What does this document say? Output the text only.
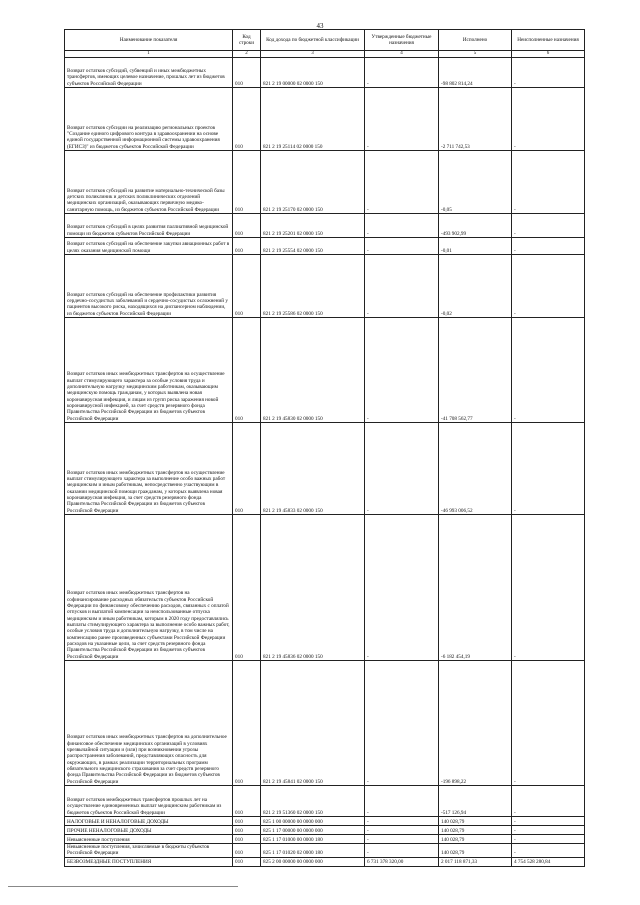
43
Наименование показателя	Код строки	Код дохода по бюджетной классификации	Утвержденные бюджетные назначения	Исполнено	Неисполненные назначения
1	2	3	4	5	6
Возврат остатков субсидий, субвенций и иных межбюджетных трансфертов, имеющих целевое назначение, прошлых лет из бюджетов субъектов Российской Федерации	010	821 2 19 00000 02 0000 150	-	-98 802 814,24	-
Возврат остатков субсидии на реализацию региональных проектов "Создание единого цифрового контура в здравоохранении на основе единой государственной информационной системы здравоохранения (ЕГИСЗ)" из бюджетов субъектов Российской Федерации	010	821 2 19 25114 02 0000 150	-	-2 711 742,53	-
Возврат остатков субсидий на развитие материально-технической базы детских поликлиник и детских поликлинических отделений медицинских организаций, оказывающих первичную медико-санитарную помощь, из бюджетов субъектов Российской Федерации	010	821 2 19 25170 02 0000 150	-	-0,05	-
Возврат остатков субсидий в целях развития паллиативной медицинской помощи из бюджетов субъектов Российской Федерации	010	821 2 19 25201 02 0000 150	-	-493 902,99	-
Возврат остатков субсидий на обеспечение закупки авиационных работ в целях оказания медицинской помощи	010	821 2 19 25554 02 0000 150	-	-0,01	-
Возврат остатков субсидий на обеспечение профилактики развития сердечно-сосудистых заболеваний и сердечно-сосудистых осложнений у пациентов высокого риска, находящихся на диспансерном наблюдении, из бюджетов субъектов Российской Федерации	010	821 2 19 25586 02 0000 150	-	-0,02	-
Возврат остатков иных межбюджетных трансфертов на осуществление выплат стимулирующего характера за особые условия труда и дополнительную нагрузку медицинским работникам, оказывающим медицинскую помощь гражданам, у которых выявлена новая коронавирусная инфекция, и лицам из групп риска заражения новой коронавирусной инфекцией, за счет средств резервного фонда Правительства Российской Федерации из бюджетов субъектов Российской Федерации	010	821 2 19 45830 02 0000 150	-	-41 708 562,77	-
Возврат остатков иных межбюджетных трансфертов на осуществление выплат стимулирующего характера за выполнение особо важных работ медицинским и иным работникам, непосредственно участвующим в оказании медицинской помощи гражданам, у которых выявлена новая коронавирусная инфекция, за счет средств резервного фонда Правительства Российской Федерации из бюджетов субъектов Российской Федерации	010	821 2 19 45833 02 0000 150	-	-46 993 006,52	-
Возврат остатков иных межбюджетных трансфертов на софинансирование расходных обязательств субъектов Российской Федерации по финансовому обеспечению расходов, связанных с оплатой отпусков и выплатой компенсации за неиспользованные отпуска медицинским и иным работникам, которым в 2020 году предоставлялись выплаты стимулирующего характера за выполнение особо важных работ, особые условия труда и дополнительную нагрузку, в том числе на компенсацию ранее произведенных субъектами Российской Федерации расходов на указанные цели, за счет средств резервного фонда Правительства Российской Федерации из бюджетов субъектов Российской Федерации	010	821 2 19 45836 02 0000 150	-	-6 182 454,19	-
Возврат остатков иных межбюджетных трансфертов на дополнительное финансовое обеспечение медицинских организаций в условиях чрезвычайной ситуации и (или) при возникновении угрозы распространения заболеваний, представляющих опасность для окружающих, в рамках реализации территориальных программ обязательного медицинского страхования за счет средств резервного фонда Правительства Российской Федерации из бюджетов субъектов Российской Федерации	010	821 2 19 45841 02 0000 150	-	-196 898,22	-
Возврат остатков межбюджетных трансфертов прошлых лет на осуществление единовременных выплат медицинским работникам из бюджетов субъектов Российской Федерации	010	821 2 19 51360 02 0000 150	-	-517 126,94	-
НАЛОГОВЫЕ И НЕНАЛОГОВЫЕ ДОХОДЫ	010	825 1 00 00000 00 0000 000	-	140 028,79	-
ПРОЧИЕ НЕНАЛОГОВЫЕ ДОХОДЫ	010	825 1 17 00000 00 0000 000	-	140 028,79	-
Невыясненные поступления	010	825 1 17 01000 00 0000 180	-	140 028,79	-
Невыясненные поступления, зачисляемые в бюджеты субъектов Российской Федерации	010	825 1 17 01020 02 0000 180	-	140 028,79	-
БЕЗВОЗМЕЗДНЫЕ ПОСТУПЛЕНИЯ	010	825 2 00 00000 00 0000 000	6 731 378 320,00	2 017 118 871,33	4 754 528 280,84
